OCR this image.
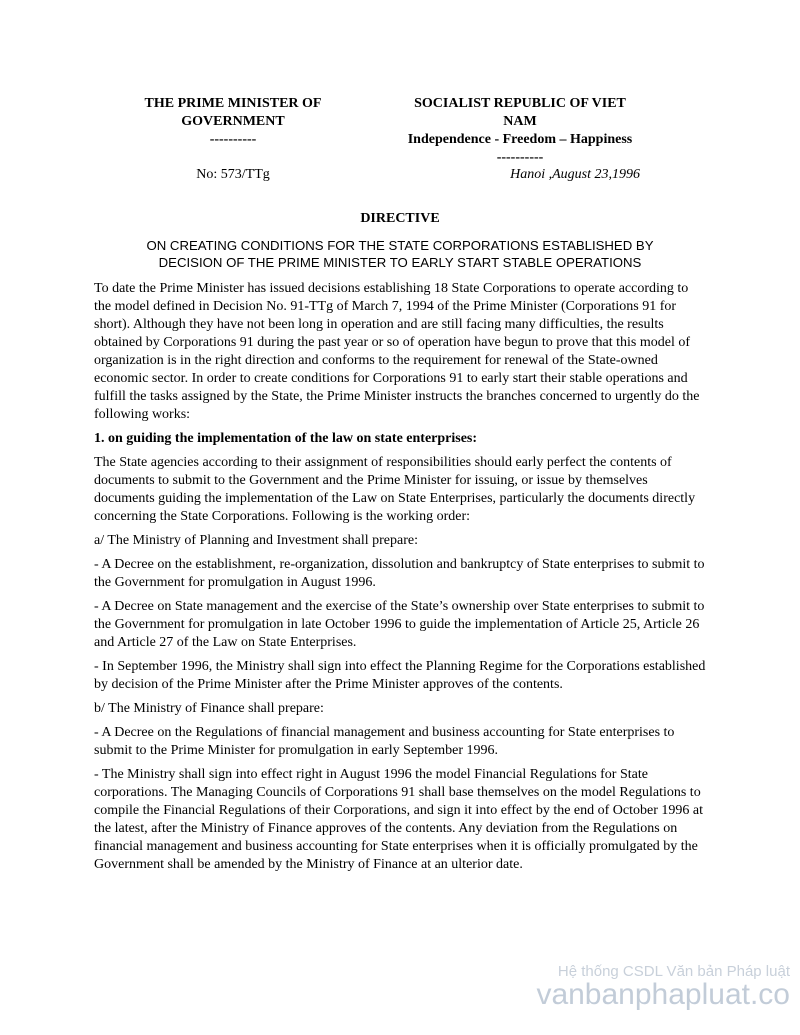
THE PRIME MINISTER OF
GOVERNMENT
----------
SOCIALIST REPUBLIC OF VIET
NAM
Independence - Freedom – Happiness
----------
No: 573/TTg	Hanoi ,August 23,1996
DIRECTIVE
ON CREATING CONDITIONS FOR THE STATE CORPORATIONS ESTABLISHED BY
DECISION OF THE PRIME MINISTER TO EARLY START STABLE OPERATIONS

To date the Prime Minister has issued decisions establishing 18 State Corporations to operate according to the model defined in Decision No. 91-TTg of March 7, 1994 of the Prime Minister (Corporations 91 for short). Although they have not been long in operation and are still facing many difficulties, the results obtained by Corporations 91 during the past year or so of operation have begun to prove that this model of organization is in the right direction and conforms to the requirement for renewal of the State-owned economic sector. In order to create conditions for Corporations 91 to early start their stable operations and fulfill the tasks assigned by the State, the Prime Minister instructs the branches concerned to urgently do the following works:

1. on guiding the implementation of the law on state enterprises:

The State agencies according to their assignment of responsibilities should early perfect the contents of documents to submit to the Government and the Prime Minister for issuing, or issue by themselves documents guiding the implementation of the Law on State Enterprises, particularly the documents directly concerning the State Corporations. Following is the working order:

a/ The Ministry of Planning and Investment shall prepare:

- A Decree on the establishment, re-organization, dissolution and bankruptcy of State enterprises to submit to the Government for promulgation in August 1996.

- A Decree on State management and the exercise of the State’s ownership over State enterprises to submit to the Government for promulgation in late October 1996 to guide the implementation of Article 25, Article 26 and Article 27 of the Law on State Enterprises.

- In September 1996, the Ministry shall sign into effect the Planning Regime for the Corporations established by decision of the Prime Minister after the Prime Minister approves of the contents.

b/ The Ministry of Finance shall prepare:

- A Decree on the Regulations of financial management and business accounting for State enterprises to submit to the Prime Minister for promulgation in early September 1996.

- The Ministry shall sign into effect right in August 1996 the model Financial Regulations for State corporations. The Managing Councils of Corporations 91 shall base themselves on the model Regulations to compile the Financial Regulations of their Corporations, and sign it into effect by the end of October 1996 at the latest, after the Ministry of Finance approves of the contents. Any deviation from the Regulations on financial management and business accounting for State enterprises when it is officially promulgated by the Government shall be amended by the Ministry of Finance at an ulterior date.

Hệ thống CSDL Văn bản Pháp luật
vanbanphapluat.co
